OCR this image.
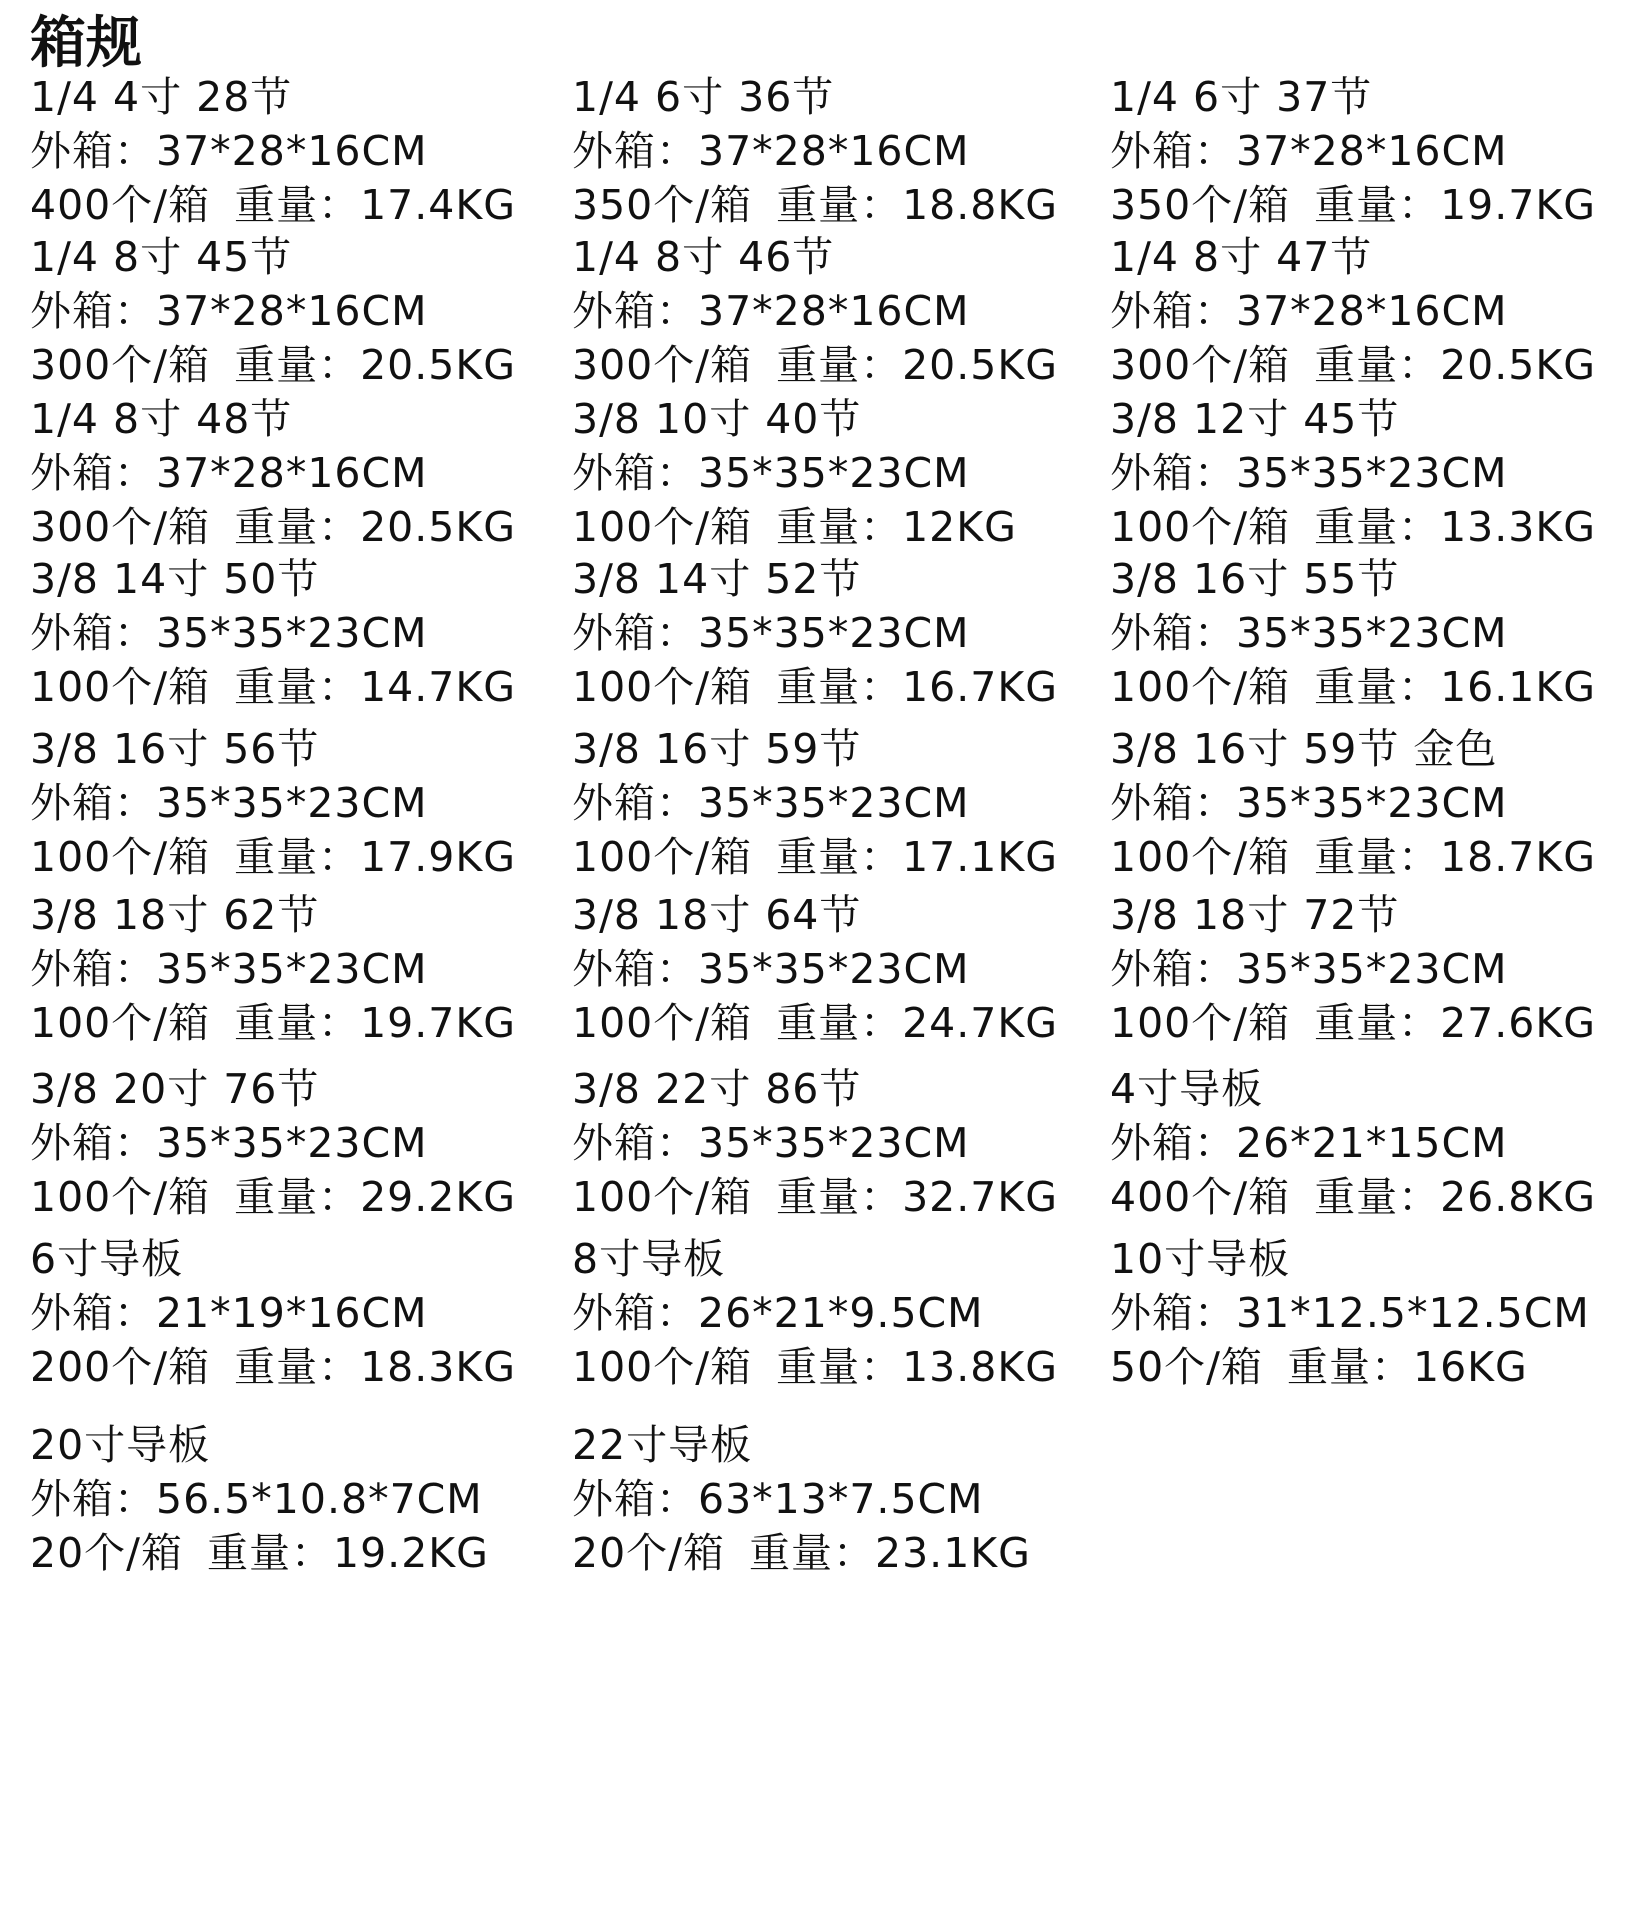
箱规
1/4 4寸 28节
外箱：37*28*16CM
400个/箱 重量：17.4KG
1/4 6寸 36节
外箱：37*28*16CM
350个/箱 重量：18.8KG
1/4 6寸 37节
外箱：37*28*16CM
350个/箱 重量：19.7KG
1/4 8寸 45节
外箱：37*28*16CM
300个/箱 重量：20.5KG
1/4 8寸 46节
外箱：37*28*16CM
300个/箱 重量：20.5KG
1/4 8寸 47节
外箱：37*28*16CM
300个/箱 重量：20.5KG
1/4 8寸 48节
外箱：37*28*16CM
300个/箱 重量：20.5KG
3/8 10寸 40节
外箱：35*35*23CM
100个/箱 重量：12KG
3/8 12寸 45节
外箱：35*35*23CM
100个/箱 重量：13.3KG
3/8 14寸 50节
外箱：35*35*23CM
100个/箱 重量：14.7KG
3/8 14寸 52节
外箱：35*35*23CM
100个/箱 重量：16.7KG
3/8 16寸 55节
外箱：35*35*23CM
100个/箱 重量：16.1KG
3/8 16寸 56节
外箱：35*35*23CM
100个/箱 重量：17.9KG
3/8 16寸 59节
外箱：35*35*23CM
100个/箱 重量：17.1KG
3/8 16寸 59节 金色
外箱：35*35*23CM
100个/箱 重量：18.7KG
3/8 18寸 62节
外箱：35*35*23CM
100个/箱 重量：19.7KG
3/8 18寸 64节
外箱：35*35*23CM
100个/箱 重量：24.7KG
3/8 18寸 72节
外箱：35*35*23CM
100个/箱 重量：27.6KG
3/8 20寸 76节
外箱：35*35*23CM
100个/箱 重量：29.2KG
3/8 22寸 86节
外箱：35*35*23CM
100个/箱 重量：32.7KG
4寸导板
外箱：26*21*15CM
400个/箱 重量：26.8KG
6寸导板
外箱：21*19*16CM
200个/箱 重量：18.3KG
8寸导板
外箱：26*21*9.5CM
100个/箱 重量：13.8KG
10寸导板
外箱：31*12.5*12.5CM
50个/箱 重量：16KG
20寸导板
外箱：56.5*10.8*7CM
20个/箱 重量：19.2KG
22寸导板
外箱：63*13*7.5CM
20个/箱 重量：23.1KG
